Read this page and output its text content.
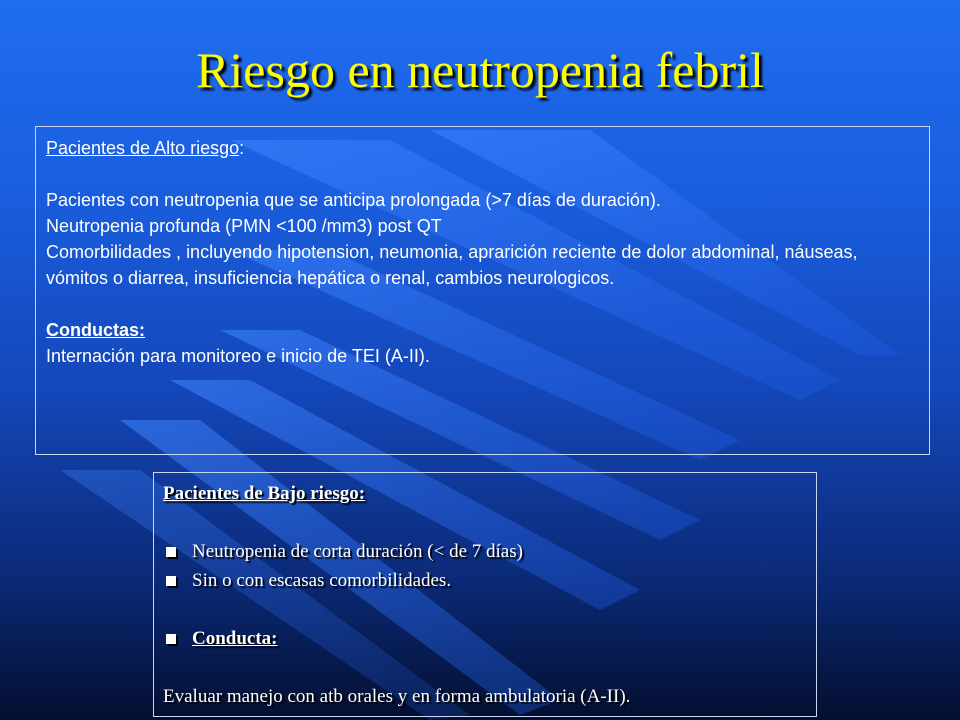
Riesgo en neutropenia febril

Pacientes de Alto riesgo:

Pacientes con neutropenia que se anticipa prolongada (>7 días de duración).

Neutropenia profunda (PMN <100 /mm3) post QT

Comorbilidades , incluyendo hipotension, neumonia, aprarición reciente de dolor abdominal, náuseas, vómitos o diarrea, insuficiencia hepática o renal, cambios neurologicos.

Conductas:

Internación para monitoreo e inicio de TEI (A-II).

Pacientes de Bajo riesgo:

Neutropenia de corta duración (< de 7 días)
Sin o con escasas comorbilidades.
Conducta:

Evaluar manejo con atb orales y en forma ambulatoria (A-II).
